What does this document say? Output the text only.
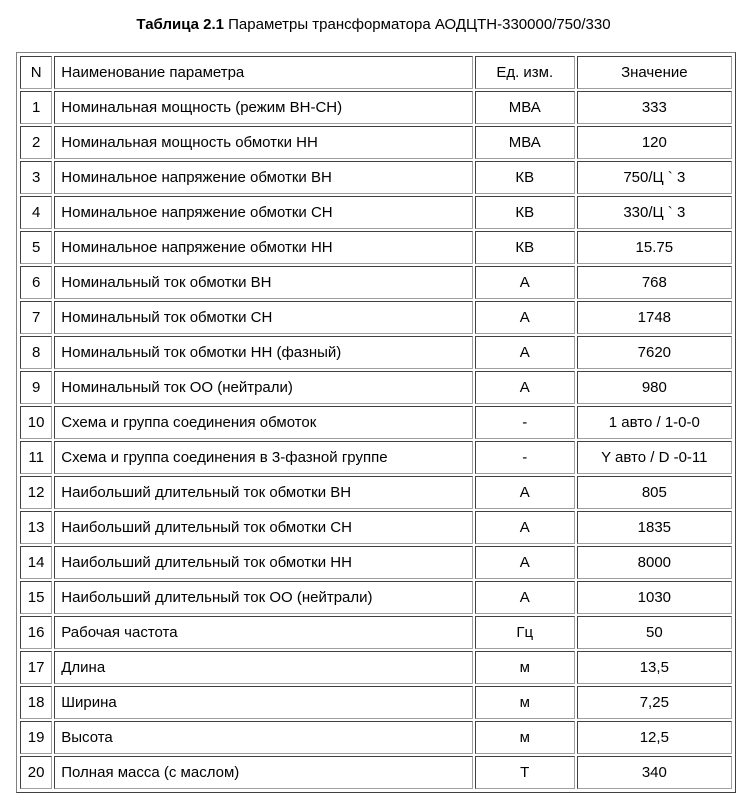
Таблица 2.1 Параметры трансформатора АОДЦТН-330000/750/330
N	Наименование параметра	Ед. изм.	Значение
1	Номинальная мощность (режим ВН-СН)	МВА	333
2	Номинальная мощность обмотки НН	МВА	120
3	Номинальное напряжение обмотки ВН	КВ	750/Ц ` 3
4	Номинальное напряжение обмотки СН	КВ	330/Ц ` 3
5	Номинальное напряжение обмотки НН	КВ	15.75
6	Номинальный ток обмотки ВН	А	768
7	Номинальный ток обмотки СН	А	1748
8	Номинальный ток обмотки НН (фазный)	А	7620
9	Номинальный ток ОО (нейтрали)	А	980
10	Схема и группа соединения обмоток	-	1 авто / 1-0-0
11	Схема и группа соединения в 3-фазной группе	-	Y авто / D -0-11
12	Наибольший длительный ток обмотки ВН	А	805
13	Наибольший длительный ток обмотки СН	А	1835
14	Наибольший длительный ток обмотки НН	А	8000
15	Наибольший длительный ток ОО (нейтрали)	А	1030
16	Рабочая частота	Гц	50
17	Длина	м	13,5
18	Ширина	м	7,25
19	Высота	м	12,5
20	Полная масса (с маслом)	Т	340
